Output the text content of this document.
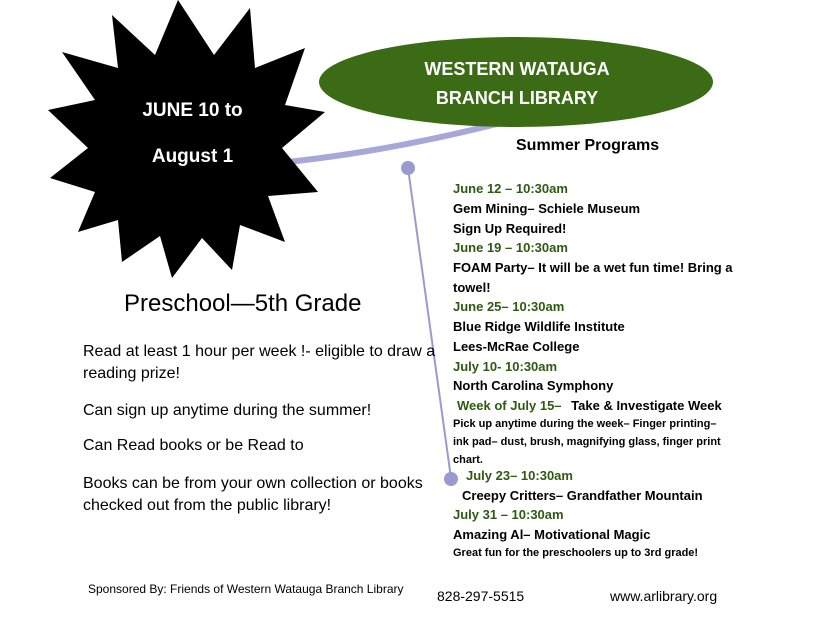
JUNE 10 to
August 1
WESTERN WATAUGA
BRANCH LIBRARY
Summer Programs
Preschool—5th Grade
Read at least 1 hour per week !- eligible to draw a reading prize!
Can sign up anytime during the summer!
Can Read books or be Read to
Books can be from your own collection or books checked out from the public library!
June 12 – 10:30am
Gem Mining– Schiele Museum
Sign Up Required!
June 19 – 10:30am
FOAM Party– It will be a wet fun time! Bring a
towel!
June 25– 10:30am
Blue Ridge Wildlife Institute
Lees-McRae College
July 10- 10:30am
North Carolina Symphony
Week of July 15– Take & Investigate Week
Pick up anytime during the week– Finger printing–
ink pad– dust, brush, magnifying glass, finger print
chart.
July 23– 10:30am
Creepy Critters– Grandfather Mountain
July 31 – 10:30am
Amazing Al– Motivational Magic
Great fun for the preschoolers up to 3rd grade!
Sponsored By: Friends of Western Watauga Branch Library 828-297-5515	www.arlibrary.org
